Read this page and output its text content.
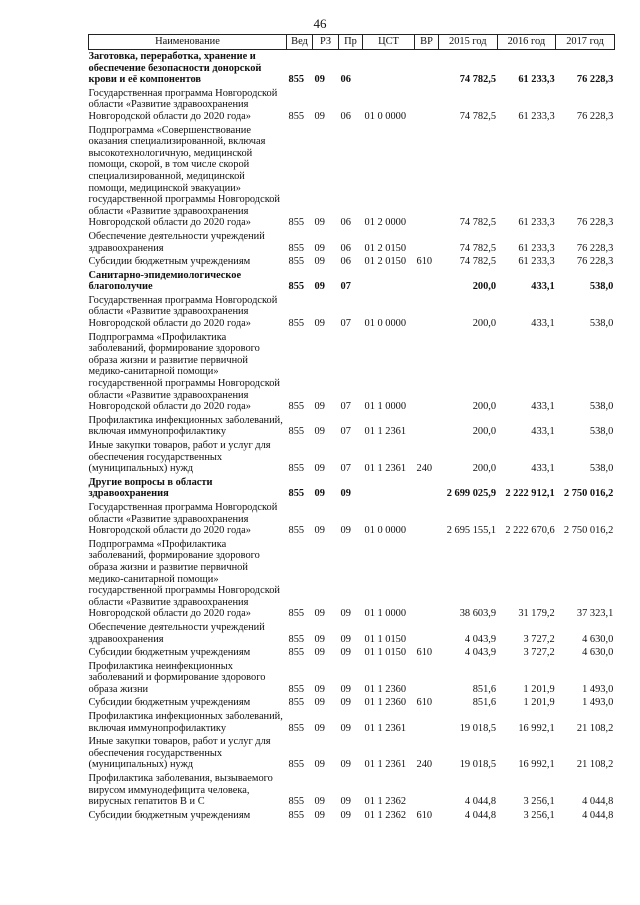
46
Наименование	Вед	РЗ	Пр	ЦСТ	ВР	2015 год	2016 год	2017 год
Заготовка, переработка, хранение и обеспечение безопасности донорской крови и её компонентов	855	09	06			74 782,5	61 233,3	76 228,3
Государственная программа Новгородской области «Развитие здравоохранения Новгородской области до 2020 года»	855	09	06	01 0 0000		74 782,5	61 233,3	76 228,3
Подпрограмма «Совершенствование оказания специализированной, включая высокотехнологичную, медицинской помощи, скорой, в том числе скорой специализированной, медицинской помощи, медицинской эвакуации» государственной программы Новгородской области «Развитие здравоохранения Новгородской области до 2020 года»	855	09	06	01 2 0000		74 782,5	61 233,3	76 228,3
Обеспечение деятельности учреждений здравоохранения	855	09	06	01 2 0150		74 782,5	61 233,3	76 228,3
Субсидии бюджетным учреждениям	855	09	06	01 2 0150	610	74 782,5	61 233,3	76 228,3
Санитарно-эпидемиологическое благополучие	855	09	07			200,0	433,1	538,0
Государственная программа Новгородской области «Развитие здравоохранения Новгородской области до 2020 года»	855	09	07	01 0 0000		200,0	433,1	538,0
Подпрограмма «Профилактика заболеваний, формирование здорового образа жизни и развитие первичной медико-санитарной помощи» государственной программы Новгородской области «Развитие здравоохранения Новгородской области до 2020 года»	855	09	07	01 1 0000		200,0	433,1	538,0
Профилактика инфекционных заболеваний, включая иммунопрофилактику	855	09	07	01 1 2361		200,0	433,1	538,0
Иные закупки товаров, работ и услуг для обеспечения государственных (муниципальных) нужд	855	09	07	01 1 2361	240	200,0	433,1	538,0
Другие вопросы в области здравоохранения	855	09	09			2 699 025,9	2 222 912,1	2 750 016,2
Государственная программа Новгородской области «Развитие здравоохранения Новгородской области до 2020 года»	855	09	09	01 0 0000		2 695 155,1	2 222 670,6	2 750 016,2
Подпрограмма «Профилактика заболеваний, формирование здорового образа жизни и развитие первичной медико-санитарной помощи» государственной программы Новгородской области «Развитие здравоохранения Новгородской области до 2020 года»	855	09	09	01 1 0000		38 603,9	31 179,2	37 323,1
Обеспечение деятельности учреждений здравоохранения	855	09	09	01 1 0150		4 043,9	3 727,2	4 630,0
Субсидии бюджетным учреждениям	855	09	09	01 1 0150	610	4 043,9	3 727,2	4 630,0
Профилактика неинфекционных заболеваний и формирование здорового образа жизни	855	09	09	01 1 2360		851,6	1 201,9	1 493,0
Субсидии бюджетным учреждениям	855	09	09	01 1 2360	610	851,6	1 201,9	1 493,0
Профилактика инфекционных заболеваний, включая иммунопрофилактику	855	09	09	01 1 2361		19 018,5	16 992,1	21 108,2
Иные закупки товаров, работ и услуг для обеспечения государственных (муниципальных) нужд	855	09	09	01 1 2361	240	19 018,5	16 992,1	21 108,2
Профилактика заболевания, вызываемого вирусом иммунодефицита человека, вирусных гепатитов В и С	855	09	09	01 1 2362		4 044,8	3 256,1	4 044,8
Субсидии бюджетным учреждениям	855	09	09	01 1 2362	610	4 044,8	3 256,1	4 044,8
